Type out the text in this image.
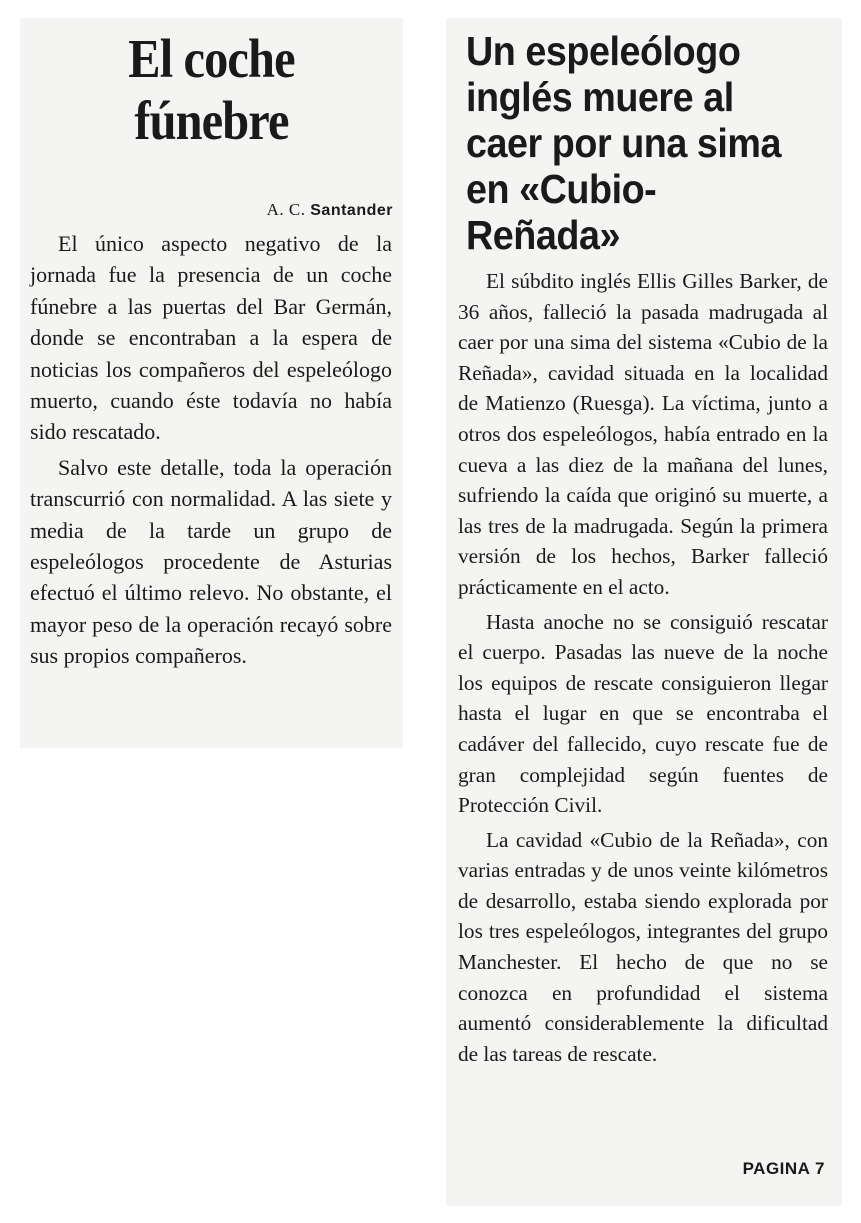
El coche
fúnebre
A. C. Santander

El único aspecto negativo de la jornada fue la presencia de un coche fúnebre a las puertas del Bar Germán, donde se encontraban a la espera de noticias los compañeros del espeleólogo muerto, cuando éste todavía no había sido rescatado.

Salvo este detalle, toda la operación transcurrió con normalidad. A las siete y media de la tarde un grupo de espeleólogos procedente de Asturias efectuó el último relevo. No obstante, el mayor peso de la operación recayó sobre sus propios compañeros.

Un espeleólogo
inglés muere al
caer por una sima
en «Cubio-Reñada»

El súbdito inglés Ellis Gilles Barker, de 36 años, falleció la pasada madrugada al caer por una sima del sistema «Cubio de la Reñada», cavidad situada en la localidad de Matienzo (Ruesga). La víctima, junto a otros dos espeleólogos, había entrado en la cueva a las diez de la mañana del lunes, sufriendo la caída que originó su muerte, a las tres de la madrugada. Según la primera versión de los hechos, Barker falleció prácticamente en el acto.

Hasta anoche no se consiguió rescatar el cuerpo. Pasadas las nueve de la noche los equipos de rescate consiguieron llegar hasta el lugar en que se encontraba el cadáver del fallecido, cuyo rescate fue de gran complejidad según fuentes de Protección Civil.

La cavidad «Cubio de la Reñada», con varias entradas y de unos veinte kilómetros de desarrollo, estaba siendo explorada por los tres espeleólogos, integrantes del grupo Manchester. El hecho de que no se conozca en profundidad el sistema aumentó considerablemente la dificultad de las tareas de rescate.

PAGINA 7
